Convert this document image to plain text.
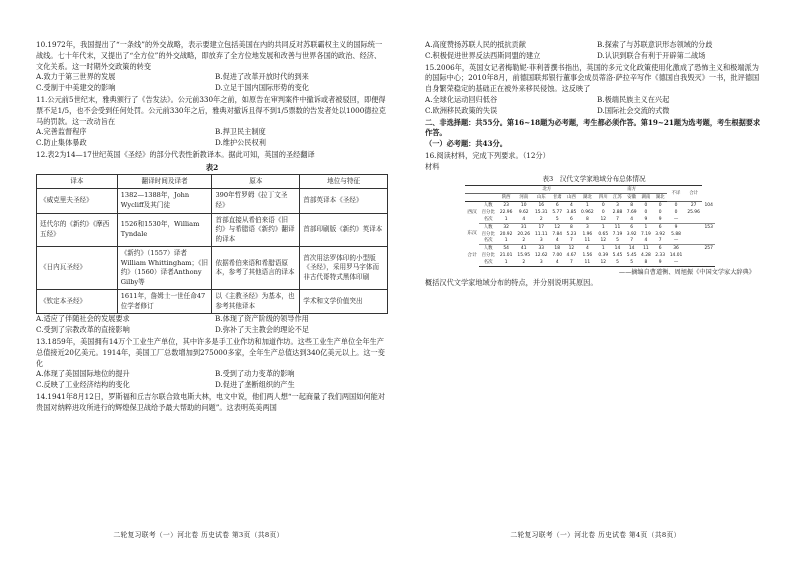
10.1972年，我国提出了“一条线”的外交战略，表示要建立包括美国在内的共同反对苏联霸权主义的国际统一战线。七十年代末，又提出了“全方位”的外交战略，即放弃了全方位地发展和改善与世界各国的政治、经济、文化关系。这一时期外交政策的转变

A.致力于第三世界的发展	B.促进了改革开放时代的到来
C.受制于中美建交的影响	D.立足于国内国际形势的变化

11.公元前5世纪末，雅典颁行了《告发法》。公元前330年之前，如原告在审判案件中撤诉或者被驳回，即便得票不足1/5，也不会受到任何处罚。公元前330年之后，雅典对撤诉且得不到1/5票数的告发者处以1000德拉克马的罚款。这一改动旨在

A.完善监督程序	B.捍卫民主制度
C.防止集体暴政	D.维护公民权利

12.表2为14—17世纪英国《圣经》的部分代表性新教译本。据此可知，英国的圣经翻译

表2
译本	翻译时间及译者	原本	地位与特征
《威克里夫圣经》	1382—1388年，John Wycliff及其门徒	390年哲罗姆《拉丁文圣经》	首部英译本《圣经》
廷代尔的《新约》《摩西五经》	1526和1530年，William Tyndale	首部直接从希伯来语《旧约》与希腊语《新约》翻译的译本	首部印刷版《新约》英译本
《日内瓦圣经》	《新约》（1557）译者William Whittingham；《旧约》（1560）译者Anthony Gilby等	依据希伯来语和希腊语原本，参考了其他语言的译本	首次用法罗体印的小型版《圣经》，采用罗马字体而非古代哥特式黑体印刷
《钦定本圣经》	1611年，詹姆士一世任命47位学者修订	以《主教圣经》为基本，也参考其他译本	学术和文学价值突出
A.适应了伴随社会的发展要求	B.体现了资产阶级的领导作用
C.受到了宗教改革的直接影响	D.弥补了天主教会的理论不足

13.1859年，美国拥有14万个工业生产单位，其中许多是手工业作坊和加道作坊。这些工业生产单位全年生产总值接近20亿美元。1914年，美国工厂总数增加到275000多家，全年生产总值达到340亿美元以上。这一变化

A.体现了美国国际地位的提升	B.受到了动力变革的影响
C.反映了工业经济结构的变化	D.促进了垄断组织的产生

14.1941年8月12日，罗斯福和丘吉尔联合致电斯大林，电文中说，他们两人想“一起商量了我们两国如何能对贵国对纳粹进攻所进行的辉煌保卫战给予最大帮助的问题”。这表明英美两国

二轮复习联考（一）河北卷 历史试卷 第3页（共8页）
A.高度赞扬苏联人民的抵抗贡献	B.探索了与苏联意识形态领域的分歧
C.积极促进世界反法西斯同盟的建立	D.认识到联合有利于开辟第二战场

15.2006年，英国女记者梅勒妮·菲利普撰书指出，英国的多元文化政策使用化激成了恐怖主义和极端派为的国际中心；2010年8月，前德国联邦银行董事会成员蒂洛·萨拉辛写作《德国自我毁灭》一书，批评德国自身繁荣稳定的基础正在被外来移民侵蚀。这反映了

A.全球化运动回归低谷	B.极端民族主义在兴起
C.欧洲移民政策的失误	D.国际社会交流的式微

二、非选择题：共55分。第16~18题为必考题，考生都必须作答。第19~21题为选考题，考生根据要求作答。

（一）必考题：共43分。

16.阅读材料，完成下列要求。（12分）

材料

表3　汉代文学家地域分布总体情况
		北方						南方					不详	合计	
		陕西	河南	山东	甘肃	山西	湖北	四川	江苏	安徽	湖南	湖北			
西汉	人数	23	10	16	6	4	1	0	3	8	0	0	0	27	104
	百分比	22.96	9.62	15.31	5.77	3.85	0.962	0	2.88	7.69	0	0	0	25.96	
	名次	1	4	2	5	6	8	12	7	4	9	9	—		
东汉	人数	32	31	17	12	8	3	1	11	6	1	6	9		153
	百分比	20.92	20.26	11.11	7.84	5.23	1.96	0.65	7.19	3.92	7.19	3.92	5.88		
	名次	1	2	3	4	7	11	12	5	7	4	7	—		
合计	人数	54	41	33	18	12	4	1	14	14	11	6	36		257
	百分比	21.01	15.95	12.62	7.00	4.67	1.56	0.39	5.45	5.45	4.28	2.33	14.01		
	名次	1	2	3	4	7	11	12	5	5	8	9	—		
——摘编自曹道衡、周旭振《中国文学家大辞典》

概括汉代文学家地域分布的特点，并分别说明其原因。

二轮复习联考（一）河北卷 历史试卷 第4页（共8页）
